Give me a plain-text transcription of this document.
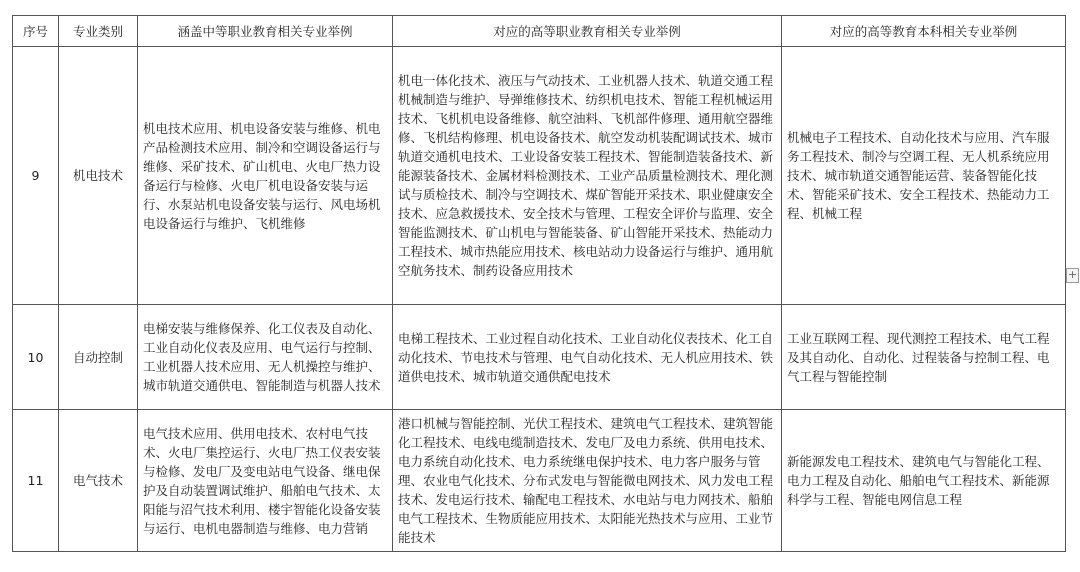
序号	专业类别	涵盖中等职业教育相关专业举例	对应的高等职业教育相关专业举例	对应的高等教育本科相关专业举例
9	机电技术	机电技术应用、机电设备安装与维修、机电产品检测技术应用、制冷和空调设备运行与维修、采矿技术、矿山机电、火电厂热力设备运行与检修、火电厂机电设备安装与运行、水泵站机电设备安装与运行、风电场机电设备运行与维护、飞机维修	机电一体化技术、液压与气动技术、工业机器人技术、轨道交通工程机械制造与维护、导弹维修技术、纺织机电技术、智能工程机械运用技术、飞机机电设备维修、航空油料、飞机部件修理、通用航空器维修、飞机结构修理、机电设备技术、航空发动机装配调试技术、城市轨道交通机电技术、工业设备安装工程技术、智能制造装备技术、新能源装备技术、金属材料检测技术、工业产品质量检测技术、理化测试与质检技术、制冷与空调技术、煤矿智能开采技术、职业健康安全技术、应急救援技术、安全技术与管理、工程安全评价与监理、安全智能监测技术、矿山机电与智能装备、矿山智能开采技术、热能动力工程技术、城市热能应用技术、核电站动力设备运行与维护、通用航空航务技术、制药设备应用技术	机械电子工程技术、自动化技术与应用、汽车服务工程技术、制冷与空调工程、无人机系统应用技术、城市轨道交通智能运营、装备智能化技术、智能采矿技术、安全工程技术、热能动力工程、机械工程
10	自动控制	电梯安装与维修保养、化工仪表及自动化、工业自动化仪表及应用、电气运行与控制、工业机器人技术应用、无人机操控与维护、城市轨道交通供电、智能制造与机器人技术	电梯工程技术、工业过程自动化技术、工业自动化仪表技术、化工自动化技术、节电技术与管理、电气自动化技术、无人机应用技术、铁道供电技术、城市轨道交通供配电技术	工业互联网工程、现代测控工程技术、电气工程及其自动化、自动化、过程装备与控制工程、电气工程与智能控制
11	电气技术	电气技术应用、供用电技术、农村电气技术、火电厂集控运行、火电厂热工仪表安装与检修、发电厂及变电站电气设备、继电保护及自动装置调试维护、船舶电气技术、太阳能与沼气技术利用、楼宇智能化设备安装与运行、电机电器制造与维修、电力营销	港口机械与智能控制、光伏工程技术、建筑电气工程技术、建筑智能化工程技术、电线电缆制造技术、发电厂及电力系统、供用电技术、电力系统自动化技术、电力系统继电保护技术、电力客户服务与管理、农业电气化技术、分布式发电与智能微电网技术、风力发电工程技术、发电运行技术、输配电工程技术、水电站与电力网技术、船舶电气工程技术、生物质能应用技术、太阳能光热技术与应用、工业节能技术	新能源发电工程技术、建筑电气与智能化工程、电力工程及自动化、船舶电气工程技术、新能源科学与工程、智能电网信息工程
+
